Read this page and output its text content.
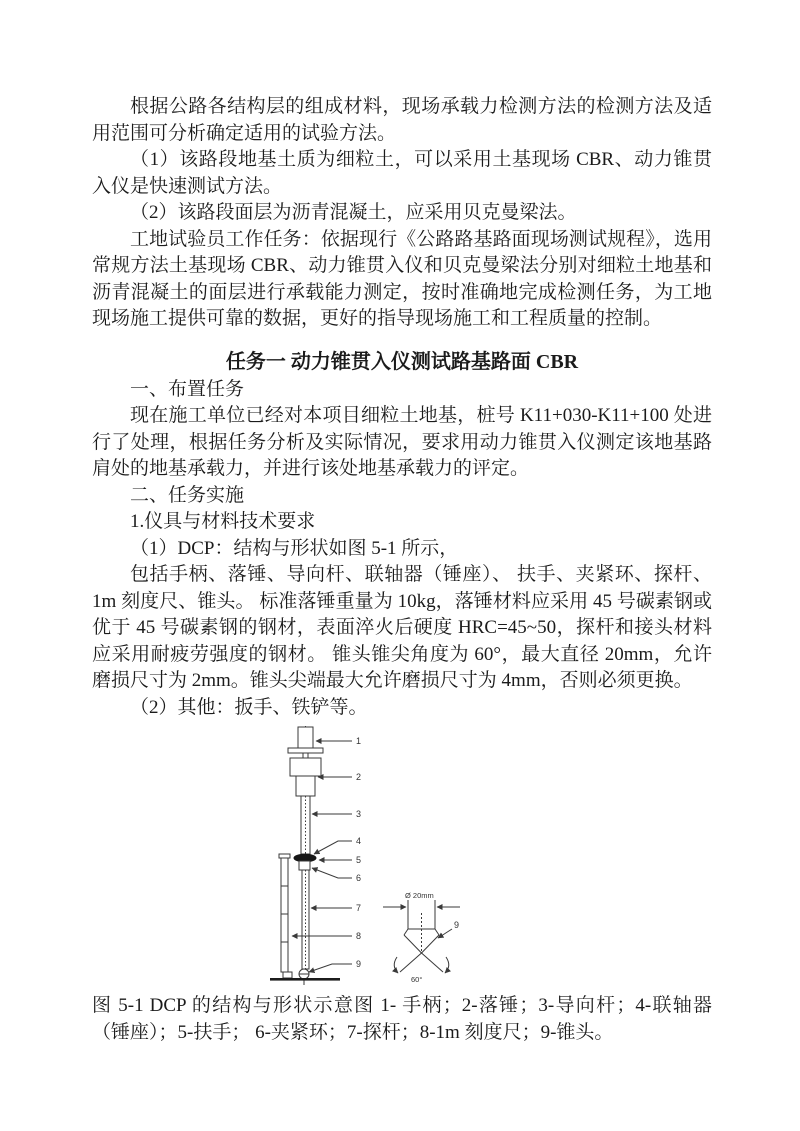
根据公路各结构层的组成材料，现场承载力检测方法的检测方法及适用范围可分析确定适用的试验方法。

（1）该路段地基土质为细粒土，可以采用土基现场 CBR、动力锥贯入仪是快速测试方法。

（2）该路段面层为沥青混凝土，应采用贝克曼梁法。

工地试验员工作任务：依据现行《公路路基路面现场测试规程》，选用常规方法土基现场 CBR、动力锥贯入仪和贝克曼梁法分别对细粒土地基和沥青混凝土的面层进行承载能力测定，按时准确地完成检测任务，为工地现场施工提供可靠的数据，更好的指导现场施工和工程质量的控制。

任务一 动力锥贯入仪测试路基路面 CBR

一、布置任务

现在施工单位已经对本项目细粒土地基，桩号 K11+030-K11+100 处进行了处理，根据任务分析及实际情况，要求用动力锥贯入仪测定该地基路肩处的地基承载力，并进行该处地基承载力的评定。

二、任务实施

1.仪具与材料技术要求

（1）DCP：结构与形状如图 5-1 所示，

包括手柄、落锤、导向杆、联轴器（锤座）、 扶手、夹紧环、探杆、1m 刻度尺、锥头。 标准落锤重量为 10kg，落锤材料应采用 45 号碳素钢或优于 45 号碳素钢的钢材，表面淬火后硬度 HRC=45~50，探杆和接头材料应采用耐疲劳强度的钢材。 锥头锥尖角度为 60°，最大直径 20mm，允许磨损尺寸为 2mm。锥头尖端最大允许磨损尺寸为 4mm，否则必须更换。

（2）其他：扳手、铁铲等。

1
2
3
4
5
6
7
8
9
Ø 20mm
60°
9

图 5-1 DCP 的结构与形状示意图 1- 手柄；2-落锤；3-导向杆；4-联轴器（锤座）；5-扶手； 6-夹紧环；7-探杆；8-1m 刻度尺；9-锥头。
